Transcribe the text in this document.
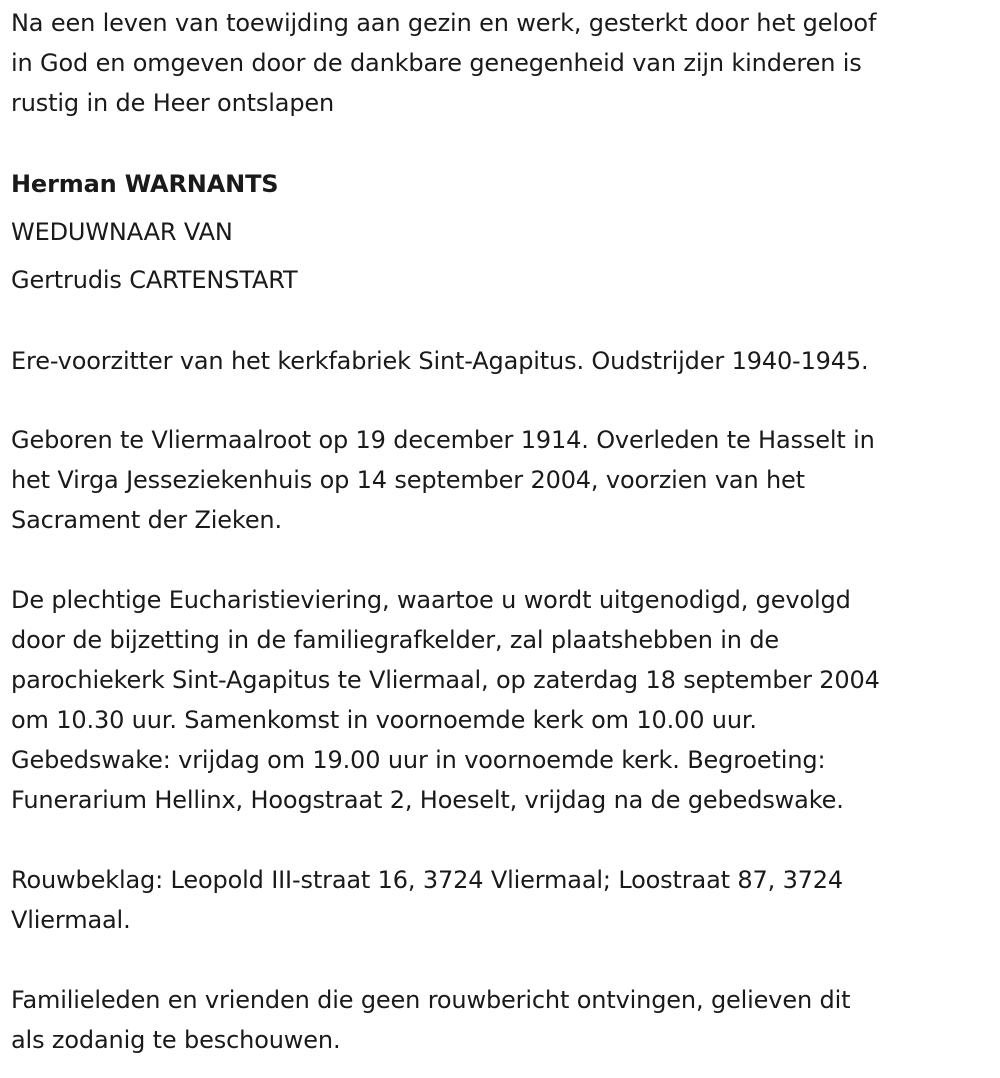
Na een leven van toewijding aan gezin en werk, gesterkt door het geloof
in God en omgeven door de dankbare genegenheid van zijn kinderen is
rustig in de Heer ontslapen

Herman WARNANTS

WEDUWNAAR VAN

Gertrudis CARTENSTART

Ere-voorzitter van het kerkfabriek Sint-Agapitus. Oudstrijder 1940-1945.

Geboren te Vliermaalroot op 19 december 1914. Overleden te Hasselt in
het Virga Jesseziekenhuis op 14 september 2004, voorzien van het
Sacrament der Zieken.

De plechtige Eucharistieviering, waartoe u wordt uitgenodigd, gevolgd
door de bijzetting in de familiegrafkelder, zal plaatshebben in de
parochiekerk Sint-Agapitus te Vliermaal, op zaterdag 18 september 2004
om 10.30 uur. Samenkomst in voornoemde kerk om 10.00 uur.
Gebedswake: vrijdag om 19.00 uur in voornoemde kerk. Begroeting:
Funerarium Hellinx, Hoogstraat 2, Hoeselt, vrijdag na de gebedswake.

Rouwbeklag: Leopold III-straat 16, 3724 Vliermaal; Loostraat 87, 3724
Vliermaal.

Familieleden en vrienden die geen rouwbericht ontvingen, gelieven dit
als zodanig te beschouwen.
